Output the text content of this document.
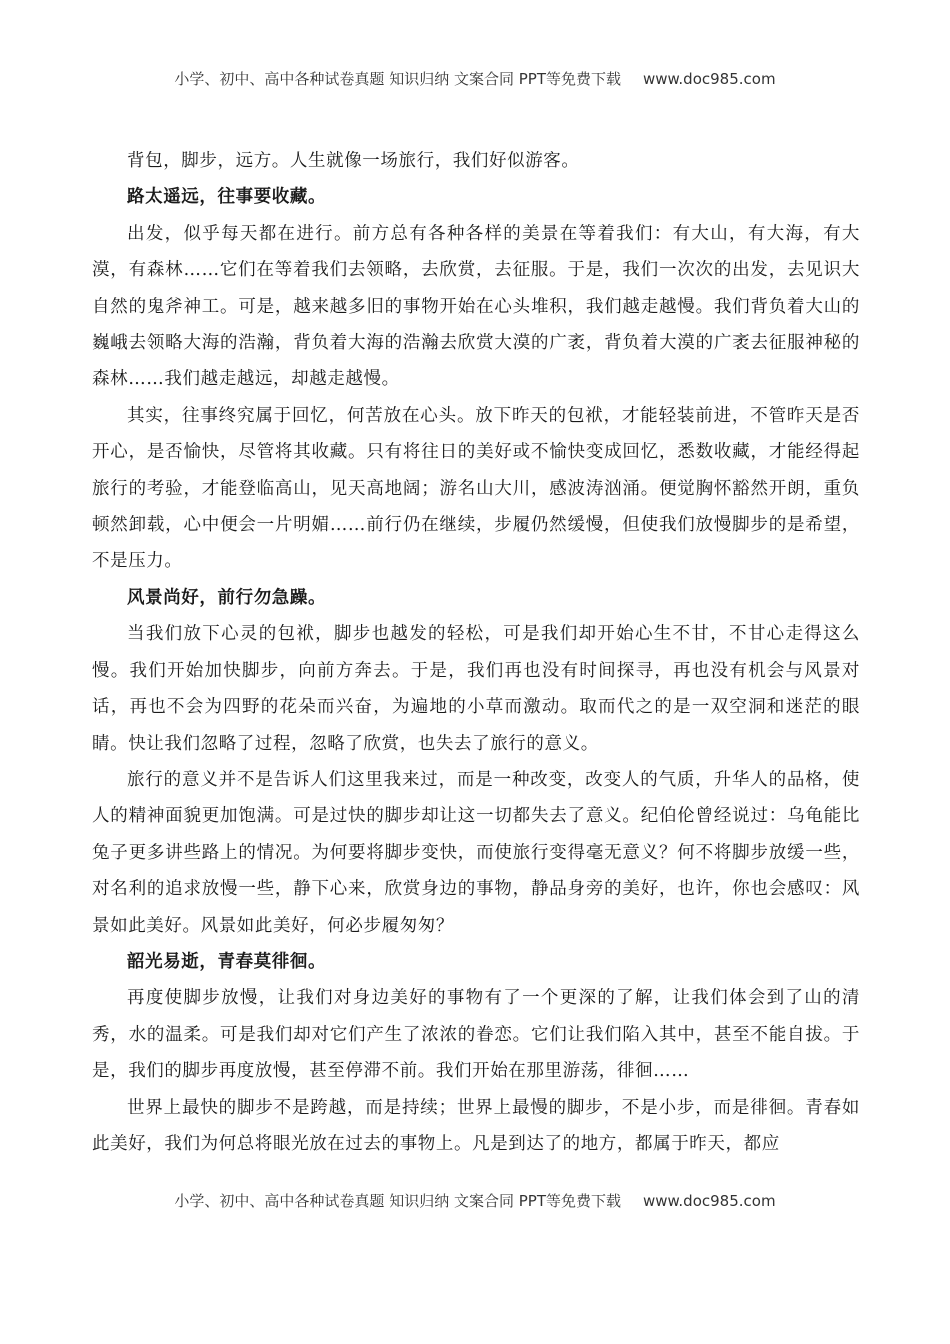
小学、初中、高中各种试卷真题 知识归纳 文案合同 PPT等免费下载 www.doc985.com

背包，脚步，远方。人生就像一场旅行，我们好似游客。

路太遥远，往事要收藏。

出发，似乎每天都在进行。前方总有各种各样的美景在等着我们：有大山，有大海，有大漠，有森林……它们在等着我们去领略，去欣赏，去征服。于是，我们一次次的出发，去见识大自然的鬼斧神工。可是，越来越多旧的事物开始在心头堆积，我们越走越慢。我们背负着大山的巍峨去领略大海的浩瀚，背负着大海的浩瀚去欣赏大漠的广袤，背负着大漠的广袤去征服神秘的森林……我们越走越远，却越走越慢。

其实，往事终究属于回忆，何苦放在心头。放下昨天的包袱，才能轻装前进，不管昨天是否开心，是否愉快，尽管将其收藏。只有将往日的美好或不愉快变成回忆，悉数收藏，才能经得起旅行的考验，才能登临高山，见天高地阔；游名山大川，感波涛汹涌。便觉胸怀豁然开朗，重负顿然卸载，心中便会一片明媚……前行仍在继续，步履仍然缓慢，但使我们放慢脚步的是希望，不是压力。

风景尚好，前行勿急躁。

当我们放下心灵的包袱，脚步也越发的轻松，可是我们却开始心生不甘，不甘心走得这么慢。我们开始加快脚步，向前方奔去。于是，我们再也没有时间探寻，再也没有机会与风景对话，再也不会为四野的花朵而兴奋，为遍地的小草而激动。取而代之的是一双空洞和迷茫的眼睛。快让我们忽略了过程，忽略了欣赏，也失去了旅行的意义。

旅行的意义并不是告诉人们这里我来过，而是一种改变，改变人的气质，升华人的品格，使人的精神面貌更加饱满。可是过快的脚步却让这一切都失去了意义。纪伯伦曾经说过：乌龟能比兔子更多讲些路上的情况。为何要将脚步变快，而使旅行变得毫无意义？何不将脚步放缓一些，对名利的追求放慢一些，静下心来，欣赏身边的事物，静品身旁的美好，也许，你也会感叹：风景如此美好。风景如此美好，何必步履匆匆？

韶光易逝，青春莫徘徊。

再度使脚步放慢，让我们对身边美好的事物有了一个更深的了解，让我们体会到了山的清秀，水的温柔。可是我们却对它们产生了浓浓的眷恋。它们让我们陷入其中，甚至不能自拔。于是，我们的脚步再度放慢，甚至停滞不前。我们开始在那里游荡，徘徊……

世界上最快的脚步不是跨越，而是持续；世界上最慢的脚步，不是小步，而是徘徊。青春如此美好，我们为何总将眼光放在过去的事物上。凡是到达了的地方，都属于昨天，都应

小学、初中、高中各种试卷真题 知识归纳 文案合同 PPT等免费下载 www.doc985.com
